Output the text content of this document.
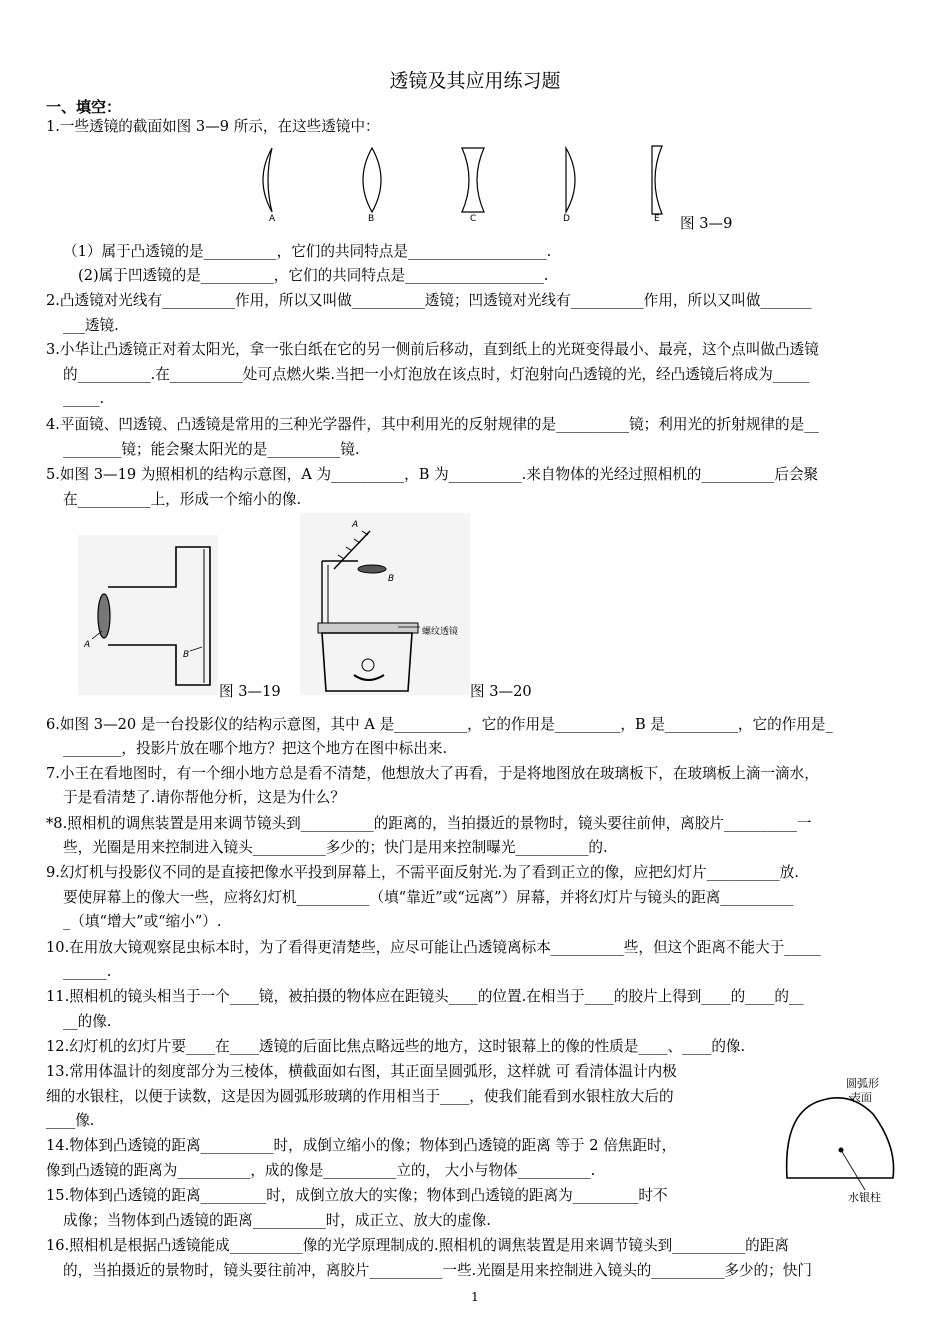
透镜及其应用练习题
一、填空：
1.一些透镜的截面如图 3—9 所示，在这些透镜中：
A	B	C	D	E 图 3—9
（1）属于凸透镜的是__________，它们的共同特点是___________________.
(2)属于凹透镜的是__________，它们的共同特点是___________________.
2.凸透镜对光线有__________作用，所以又叫做__________透镜；凹透镜对光线有__________作用，所以又叫做_______
___透镜.
3.小华让凸透镜正对着太阳光，拿一张白纸在它的另一侧前后移动，直到纸上的光斑变得最小、最亮，这个点叫做凸透镜
的__________.在__________处可点燃火柴.当把一小灯泡放在该点时，灯泡射向凸透镜的光，经凸透镜后将成为_____
_____.
4.平面镜、凹透镜、凸透镜是常用的三种光学器件，其中利用光的反射规律的是__________镜；利用光的折射规律的是__
________镜；能会聚太阳光的是__________镜.
5.如图 3—19 为照相机的结构示意图，A 为__________，B 为__________.来自物体的光经过照相机的__________后会聚
在__________上，形成一个缩小的像.
A
B
图 3—19
A
B
螺纹透镜
图 3—20
6.如图 3—20 是一台投影仪的结构示意图，其中 A 是__________，它的作用是_________，B 是__________，它的作用是_
________，投影片放在哪个地方？把这个地方在图中标出来.
7.小王在看地图时，有一个细小地方总是看不清楚，他想放大了再看，于是将地图放在玻璃板下，在玻璃板上滴一滴水，
于是看清楚了.请你帮他分析，这是为什么？
*8.照相机的调焦装置是用来调节镜头到__________的距离的，当拍摄近的景物时，镜头要往前伸，离胶片__________一
些，光圈是用来控制进入镜头__________多少的；快门是用来控制曝光__________的.
9.幻灯机与投影仪不同的是直接把像水平投到屏幕上，不需平面反射光.为了看到正立的像，应把幻灯片__________放.
要使屏幕上的像大一些，应将幻灯机__________（填“靠近”或“远离”）屏幕，并将幻灯片与镜头的距离__________
_（填“增大”或“缩小”）.
10.在用放大镜观察昆虫标本时，为了看得更清楚些，应尽可能让凸透镜离标本__________些，但这个距离不能大于_____
______.
11.照相机的镜头相当于一个____镜，被拍摄的物体应在距镜头____的位置.在相当于____的胶片上得到____的____的__
__的像.
12.幻灯机的幻灯片要____在____透镜的后面比焦点略远些的地方，这时银幕上的像的性质是____、____的像.
13.常用体温计的刻度部分为三棱体，横截面如右图，其正面呈圆弧形，这样就 可 看清体温计内极
细的水银柱，以便于读数，这是因为圆弧形玻璃的作用相当于____，使我们能看到水银柱放大后的
____像.
14.物体到凸透镜的距离__________时，成倒立缩小的像；物体到凸透镜的距离 等于 2 倍焦距时，
像到凸透镜的距离为__________，成的像是__________立的， 大小与物体__________.
15.物体到凸透镜的距离_________时，成倒立放大的实像；物体到凸透镜的距离为_________时不
成像；当物体到凸透镜的距离__________时，成正立、放大的虚像.
16.照相机是根据凸透镜能成__________像的光学原理制成的.照相机的调焦装置是用来调节镜头到__________的距离
的，当拍摄近的景物时，镜头要往前冲，离胶片__________一些.光圈是用来控制进入镜头的__________多少的；快门
圆弧形
表面
水银柱
1
